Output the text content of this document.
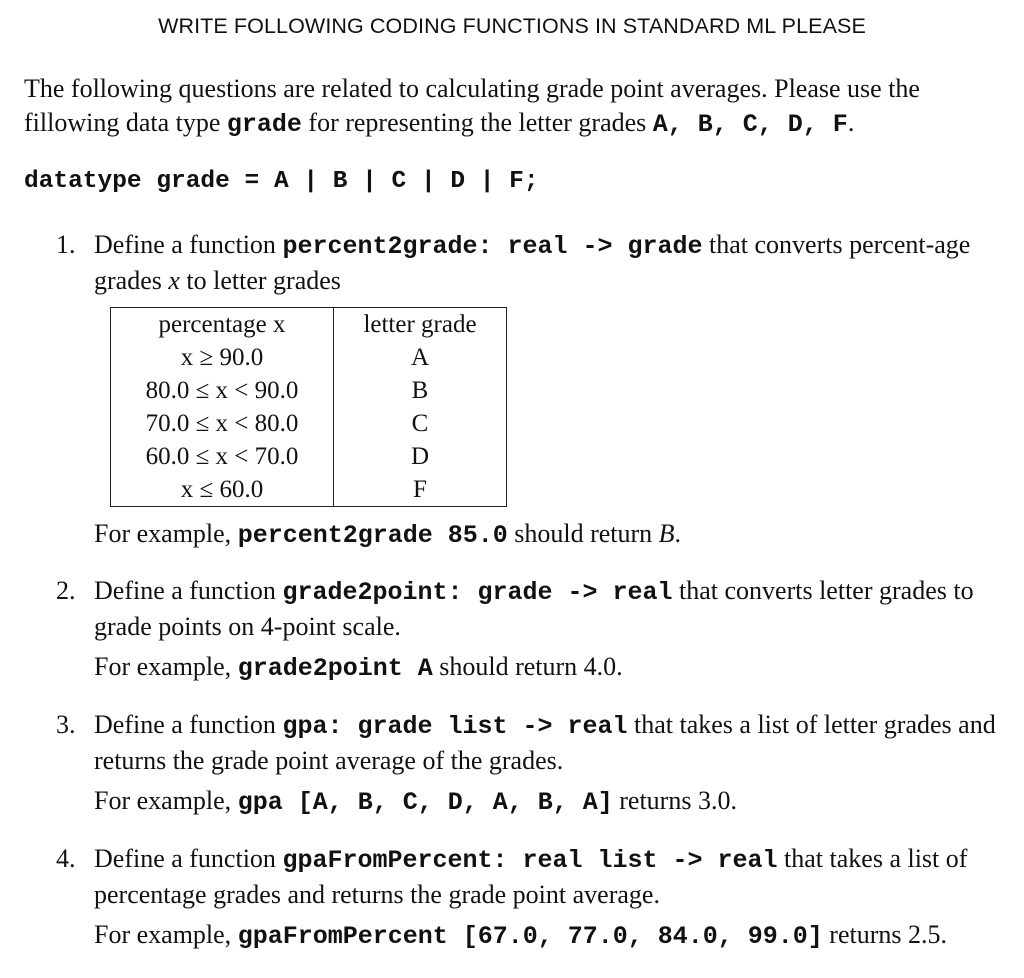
WRITE FOLLOWING CODING FUNCTIONS IN STANDARD ML PLEASE
The following questions are related to calculating grade point averages. Please use the fillowing data type grade for representing the letter grades A, B, C, D, F.
datatype grade = A | B | C | D | F;
1. Define a function percent2grade: real -> grade that converts percent-age grades x to letter grades
percentage x	letter grade
x ≥ 90.0	A
80.0 ≤ x < 90.0	B
70.0 ≤ x < 80.0	C
60.0 ≤ x < 70.0	D
x ≤ 60.0	F
For example, percent2grade 85.0 should return B.
2. Define a function grade2point: grade -> real that converts letter grades to grade points on 4-point scale.
For example, grade2point A should return 4.0.
3. Define a function gpa: grade list -> real that takes a list of letter grades and returns the grade point average of the grades.
For example, gpa [A, B, C, D, A, B, A] returns 3.0.
4. Define a function gpaFromPercent: real list -> real that takes a list of percentage grades and returns the grade point average.
For example, gpaFromPercent [67.0, 77.0, 84.0, 99.0] returns 2.5.
